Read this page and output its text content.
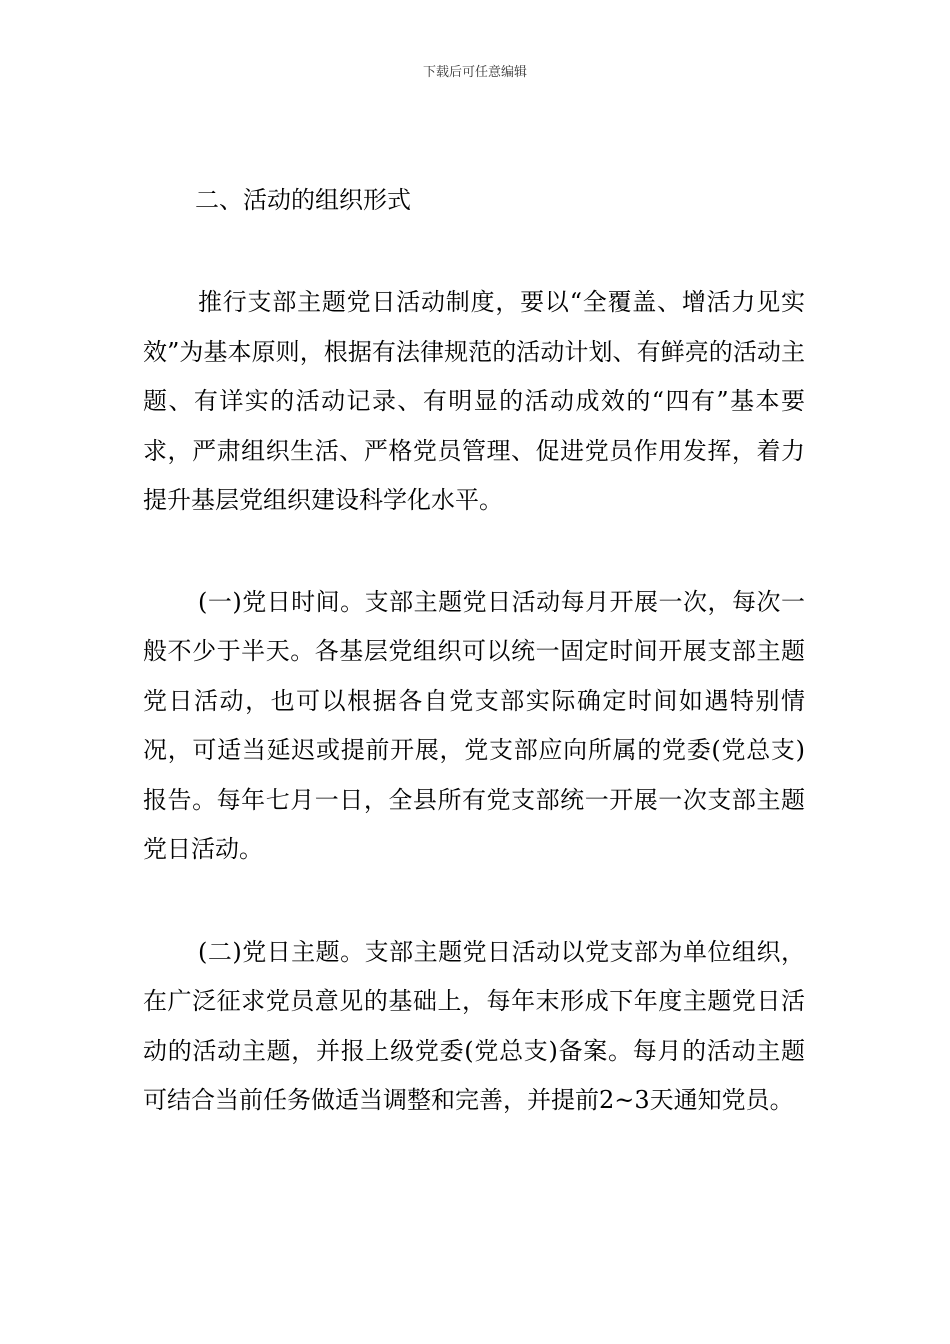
下载后可任意编辑
二、活动的组织形式

推行支部主题党日活动制度，要以“全覆盖、增活力见实效”为基本原则，根据有法律规范的活动计划、有鲜亮的活动主题、有详实的活动记录、有明显的活动成效的“四有”基本要求，严肃组织生活、严格党员管理、促进党员作用发挥，着力提升基层党组织建设科学化水平。

(一)党日时间。支部主题党日活动每月开展一次，每次一般不少于半天。各基层党组织可以统一固定时间开展支部主题党日活动，也可以根据各自党支部实际确定时间如遇特别情况，可适当延迟或提前开展，党支部应向所属的党委(党总支)报告。每年七月一日，全县所有党支部统一开展一次支部主题党日活动。

(二)党日主题。支部主题党日活动以党支部为单位组织，在广泛征求党员意见的基础上，每年末形成下年度主题党日活动的活动主题，并报上级党委(党总支)备案。每月的活动主题可结合当前任务做适当调整和完善，并提前2~3天通知党员。
